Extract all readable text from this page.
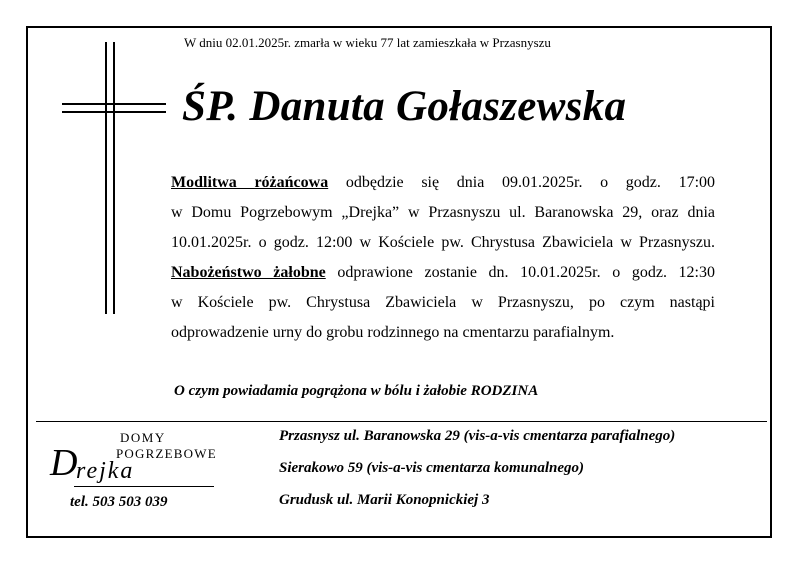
W dniu 02.01.2025r. zmarła w wieku 77 lat zamieszkała w Przasnyszu
ŚP. Danuta Gołaszewska
Modlitwa różańcowa odbędzie się dnia 09.01.2025r. o godz. 17:00
w Domu Pogrzebowym „Drejka” w Przasnyszu ul. Baranowska 29, oraz dnia
10.01.2025r. o godz. 12:00 w Kościele pw. Chrystusa Zbawiciela w Przasnyszu.
Nabożeństwo żałobne odprawione zostanie dn. 10.01.2025r. o godz. 12:30
w Kościele pw. Chrystusa Zbawiciela w Przasnyszu, po czym nastąpi
odprowadzenie urny do grobu rodzinnego na cmentarzu parafialnym.
O czym powiadamia pogrążona w bólu i żałobie RODZINA
DOMY
POGRZEBOWE
D
rejka
tel. 503 503 039
Przasnysz ul. Baranowska 29 (vis-a-vis cmentarza parafialnego)
Sierakowo 59 (vis-a-vis cmentarza komunalnego)
Grudusk ul. Marii Konopnickiej 3
